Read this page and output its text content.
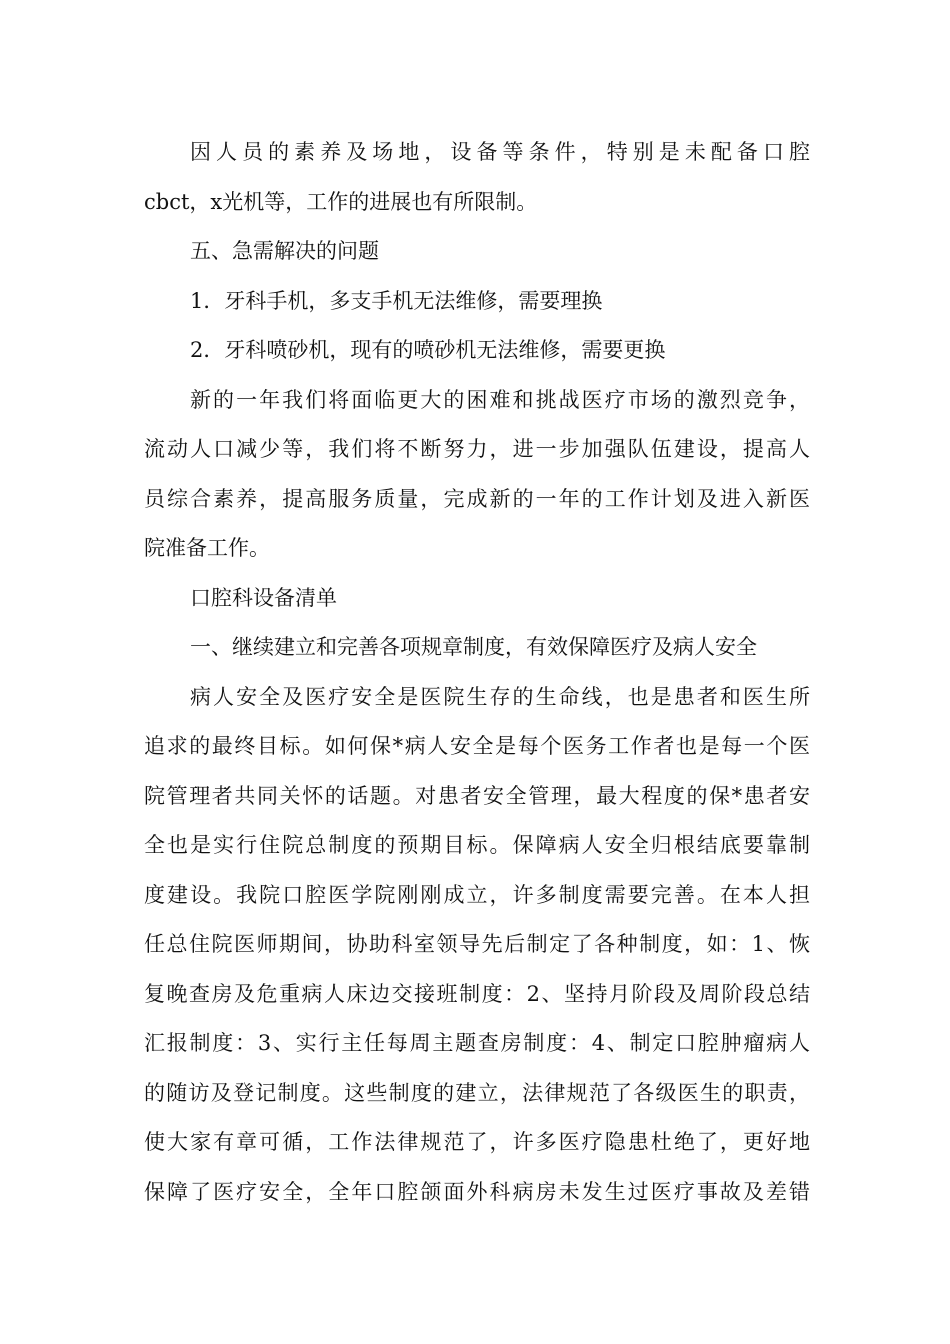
因人员的素养及场地，设备等条件，特别是未配备口腔
cbct，x光机等，工作的进展也有所限制。
五、急需解决的问题
1．牙科手机，多支手机无法维修，需要理换
2．牙科喷砂机，现有的喷砂机无法维修，需要更换
新的一年我们将面临更大的困难和挑战医疗市场的激烈竞争，
流动人口减少等，我们将不断努力，进一步加强队伍建设，提高人
员综合素养，提高服务质量，完成新的一年的工作计划及进入新医
院准备工作。
口腔科设备清单
一、继续建立和完善各项规章制度，有效保障医疗及病人安全
病人安全及医疗安全是医院生存的生命线，也是患者和医生所
追求的最终目标。如何保*病人安全是每个医务工作者也是每一个医
院管理者共同关怀的话题。对患者安全管理，最大程度的保*患者安
全也是实行住院总制度的预期目标。保障病人安全归根结底要靠制
度建设。我院口腔医学院刚刚成立，许多制度需要完善。在本人担
任总住院医师期间，协助科室领导先后制定了各种制度，如：1、恢
复晚查房及危重病人床边交接班制度：2、坚持月阶段及周阶段总结
汇报制度：3、实行主任每周主题查房制度：4、制定口腔肿瘤病人
的随访及登记制度。这些制度的建立，法律规范了各级医生的职责，
使大家有章可循，工作法律规范了，许多医疗隐患杜绝了，更好地
保障了医疗安全，全年口腔颌面外科病房未发生过医疗事故及差错
